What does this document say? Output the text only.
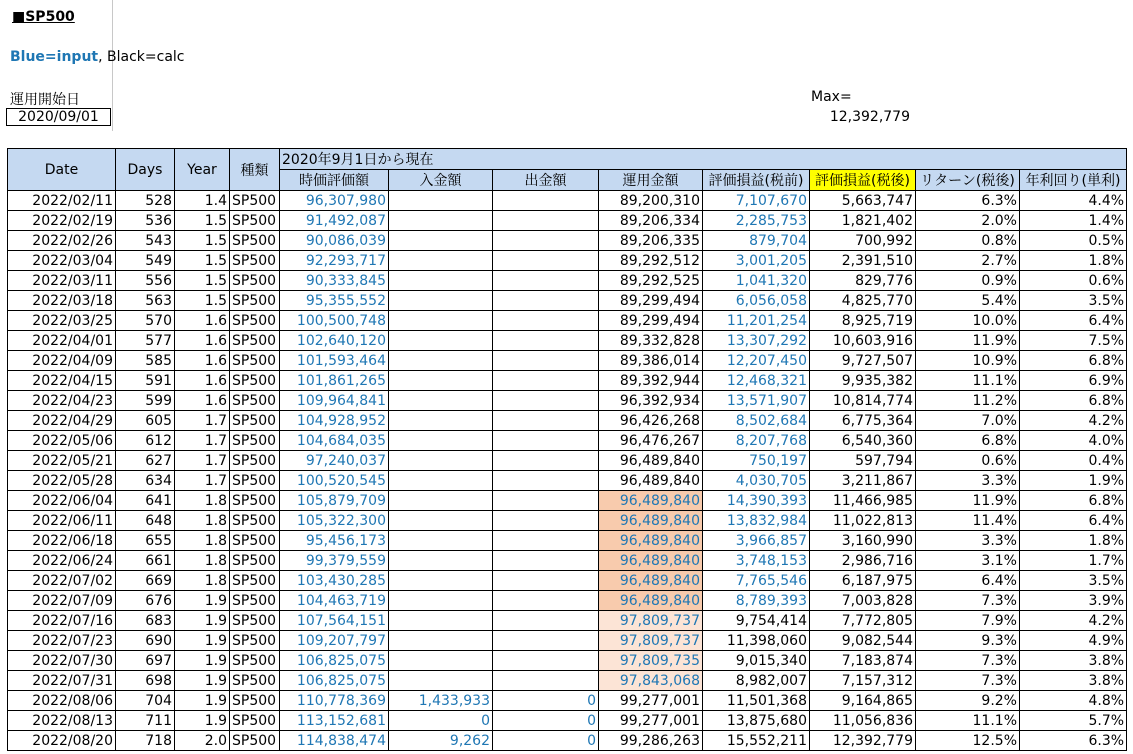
■SP500
Blue=input, Black=calc
運用開始日
2020/09/01
Max=
12,392,779
Date	Days	Year	種類	2020年9月1日から現在							
				時価評価額	入金額	出金額	運用金額	評価損益(税前)	評価損益(税後)	リターン(税後)	年利回り(単利)
2022/02/11	528	1.4	SP500	96,307,980			89,200,310	7,107,670	5,663,747	6.3%	4.4%
2022/02/19	536	1.5	SP500	91,492,087			89,206,334	2,285,753	1,821,402	2.0%	1.4%
2022/02/26	543	1.5	SP500	90,086,039			89,206,335	879,704	700,992	0.8%	0.5%
2022/03/04	549	1.5	SP500	92,293,717			89,292,512	3,001,205	2,391,510	2.7%	1.8%
2022/03/11	556	1.5	SP500	90,333,845			89,292,525	1,041,320	829,776	0.9%	0.6%
2022/03/18	563	1.5	SP500	95,355,552			89,299,494	6,056,058	4,825,770	5.4%	3.5%
2022/03/25	570	1.6	SP500	100,500,748			89,299,494	11,201,254	8,925,719	10.0%	6.4%
2022/04/01	577	1.6	SP500	102,640,120			89,332,828	13,307,292	10,603,916	11.9%	7.5%
2022/04/09	585	1.6	SP500	101,593,464			89,386,014	12,207,450	9,727,507	10.9%	6.8%
2022/04/15	591	1.6	SP500	101,861,265			89,392,944	12,468,321	9,935,382	11.1%	6.9%
2022/04/23	599	1.6	SP500	109,964,841			96,392,934	13,571,907	10,814,774	11.2%	6.8%
2022/04/29	605	1.7	SP500	104,928,952			96,426,268	8,502,684	6,775,364	7.0%	4.2%
2022/05/06	612	1.7	SP500	104,684,035			96,476,267	8,207,768	6,540,360	6.8%	4.0%
2022/05/21	627	1.7	SP500	97,240,037			96,489,840	750,197	597,794	0.6%	0.4%
2022/05/28	634	1.7	SP500	100,520,545			96,489,840	4,030,705	3,211,867	3.3%	1.9%
2022/06/04	641	1.8	SP500	105,879,709			96,489,840	14,390,393	11,466,985	11.9%	6.8%
2022/06/11	648	1.8	SP500	105,322,300			96,489,840	13,832,984	11,022,813	11.4%	6.4%
2022/06/18	655	1.8	SP500	95,456,173			96,489,840	3,966,857	3,160,990	3.3%	1.8%
2022/06/24	661	1.8	SP500	99,379,559			96,489,840	3,748,153	2,986,716	3.1%	1.7%
2022/07/02	669	1.8	SP500	103,430,285			96,489,840	7,765,546	6,187,975	6.4%	3.5%
2022/07/09	676	1.9	SP500	104,463,719			96,489,840	8,789,393	7,003,828	7.3%	3.9%
2022/07/16	683	1.9	SP500	107,564,151			97,809,737	9,754,414	7,772,805	7.9%	4.2%
2022/07/23	690	1.9	SP500	109,207,797			97,809,737	11,398,060	9,082,544	9.3%	4.9%
2022/07/30	697	1.9	SP500	106,825,075			97,809,735	9,015,340	7,183,874	7.3%	3.8%
2022/07/31	698	1.9	SP500	106,825,075			97,843,068	8,982,007	7,157,312	7.3%	3.8%
2022/08/06	704	1.9	SP500	110,778,369	1,433,933	0	99,277,001	11,501,368	9,164,865	9.2%	4.8%
2022/08/13	711	1.9	SP500	113,152,681	0	0	99,277,001	13,875,680	11,056,836	11.1%	5.7%
2022/08/20	718	2.0	SP500	114,838,474	9,262	0	99,286,263	15,552,211	12,392,779	12.5%	6.3%
